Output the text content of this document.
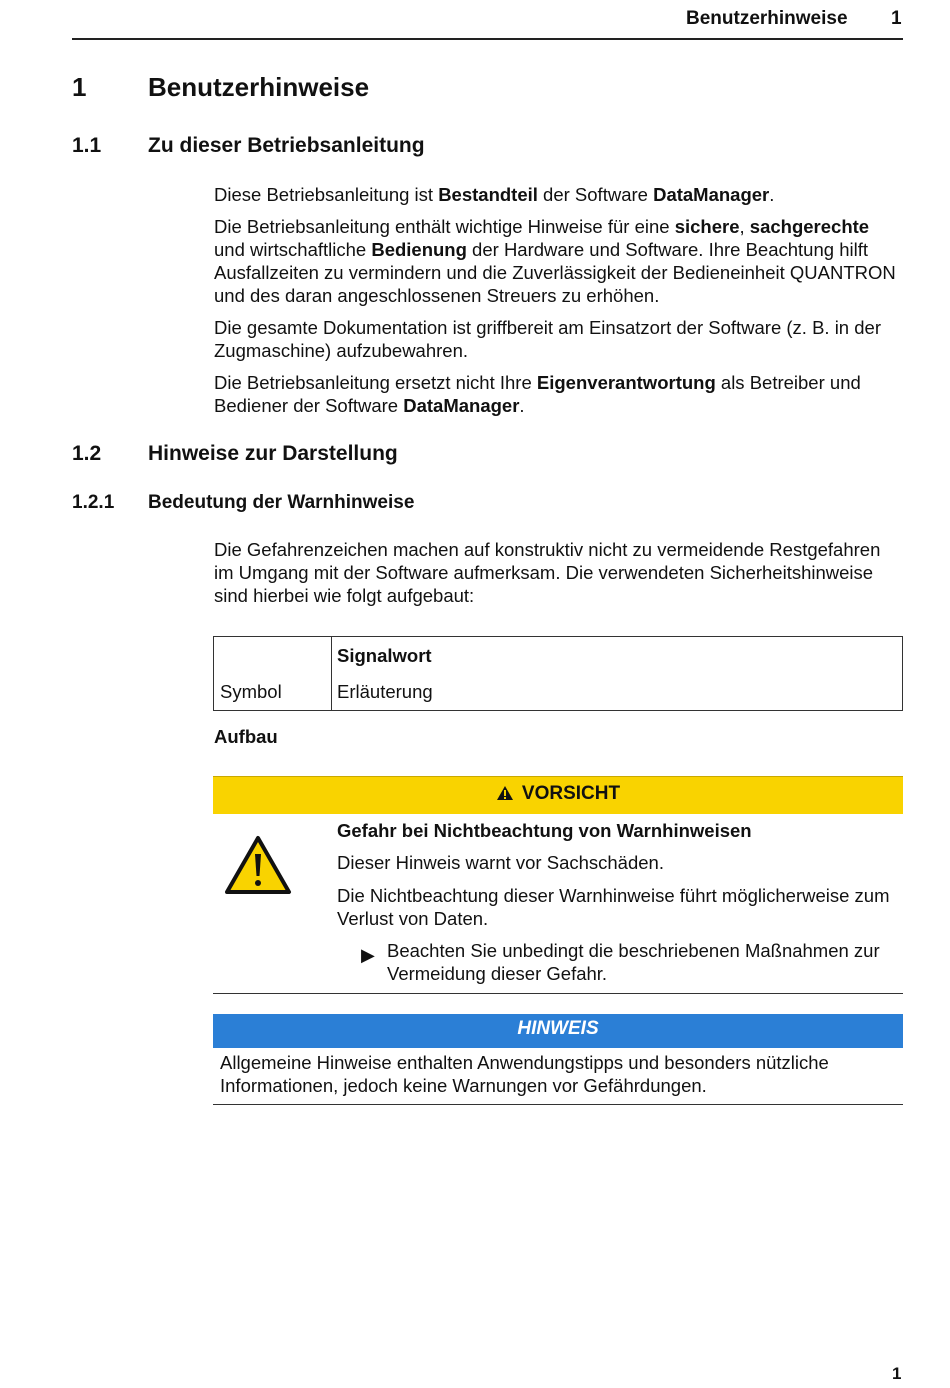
Benutzerhinweise 1
1 Benutzerhinweise
1.1 Zu dieser Betriebsanleitung

Diese Betriebsanleitung ist Bestandteil der Software DataManager.

Die Betriebsanleitung enthält wichtige Hinweise für eine sichere, sachgerechte und wirtschaftliche Bedienung der Hardware und Software. Ihre Beachtung hilft Ausfallzeiten zu vermindern und die Zuverlässigkeit der Bedieneinheit QUANTRON und des daran angeschlossenen Streuers zu erhöhen.

Die gesamte Dokumentation ist griffbereit am Einsatzort der Software (z. B. in der Zugmaschine) aufzubewahren.

Die Betriebsanleitung ersetzt nicht Ihre Eigenverantwortung als Betreiber und Bediener der Software DataManager.

1.2 Hinweise zur Darstellung
1.2.1 Bedeutung der Warnhinweise

Die Gefahrenzeichen machen auf konstruktiv nicht zu vermeidende Restgefahren im Umgang mit der Software aufmerksam. Die verwendeten Sicherheitshinweise sind hierbei wie folgt aufgebaut:

Signalwort
Symbol	Erläuterung
Aufbau
VORSICHT
Gefahr bei Nichtbeachtung von Warnhinweisen
Dieser Hinweis warnt vor Sachschäden.
Die Nichtbeachtung dieser Warnhinweise führt möglicherweise zum Verlust von Daten.
▶ Beachten Sie unbedingt die beschriebenen Maßnahmen zur Vermeidung dieser Gefahr.
HINWEIS
Allgemeine Hinweise enthalten Anwendungstipps und besonders nützliche Informationen, jedoch keine Warnungen vor Gefährdungen.
1
